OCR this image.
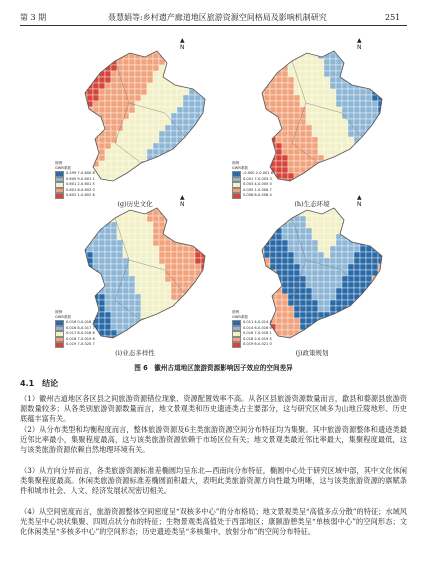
第 3 期	聂慧娟等:乡村遗产廊道地区旅游资源空间格局及影响机制研究	251
▲
N
图例
GWR系数
0.599 7-0.600 8
0.600 9-0.601 1
0.601 2-0.601 5
0.601 6-0.602 0
0.602 1-0.602 6
(g)历史文化
▲
N
图例
GWR系数
-0.000 2-0.001 6
0.001 7-0.003 3
0.003 4-0.005 0
0.005 1-0.006 7
0.006 8-0.008 4
(h)生态环境
▲
N
图例
GWR系数
0.016 0-0.016 7
0.016 8-0.017 7
0.017 8-0.018 6
0.018 7-0.019 6
0.019 7-0.020 7
(i)业态多样性
▲
N
图例
GWR系数
0.011 4-0.014 5
0.014 6-0.016 6
0.016 7-0.018 1
0.018 2-0.019 5
0.019 6-0.021 0
(j)政策规划
图 6　徽州古道地区旅游资源影响因子效应的空间差异
4.1　结论
（1）徽州古道地区各区县之间旅游资源错位现象、资源配置效率不高。从各区县旅游资源数量而言，歙县和婺源县旅游资源数量较多；从各类别旅游资源数量而言，地文景观类和历史遗迹类占主要部分，这与研究区域多为山地丘陵地形、历史底蕴丰富有关。
（2）从分布类型和均衡程度而言，整体旅游资源及6主类旅游资源空间分布特征均为集聚。其中旅游资源整体和遗迹类最近邻比率最小，集聚程度最高，这与该类旅游资源依赖于市场区位有关；地文景观类最近邻比率最大，集聚程度最低，这与该类旅游资源依赖自然地理环境有关。
（3）从方向分异而言，各类旅游资源标准差椭圆均呈东北—西南向分布特征，椭圆中心处于研究区域中部，其中文化休闲类集聚程度最高。休闲类旅游资源标准差椭圆面积最大，表明此类旅游资源方向性最为明晰，这与该类旅游资源的禀赋条件和城市社会、人文、经济发展状况密切相关。
（4）从空间密度而言，旅游资源整体空间密度呈“双核多中心”的分布格局；地文景观类呈“高值多点分散”的特征；水域风光类呈中心块状集聚、四周点状分布的特征；生物景观类高值处于西部地区；康颐游憩类呈“单核弱中心”的空间形态；文化休闲类呈“多核多中心”的空间形态；历史遗迹类呈“多核集中、放射分布”的空间分布特征。
